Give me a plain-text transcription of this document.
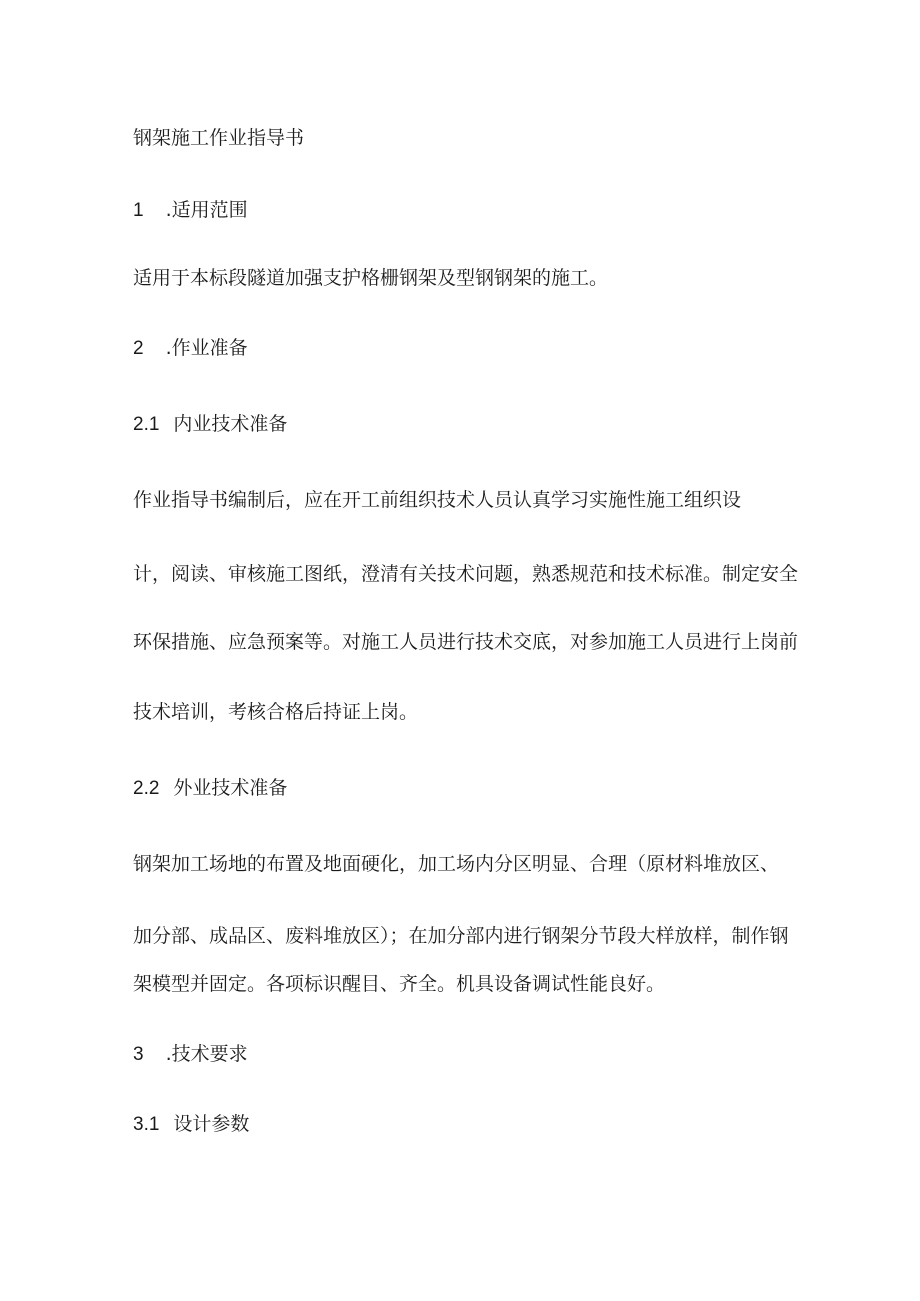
钢架施工作业指导书

1 .适用范围

适用于本标段隧道加强支护格栅钢架及型钢钢架的施工。

2 .作业准备

2.1 内业技术准备

作业指导书编制后，应在开工前组织技术人员认真学习实施性施工组织设

计，阅读、审核施工图纸，澄清有关技术问题，熟悉规范和技术标准。制定安全

环保措施、应急预案等。对施工人员进行技术交底，对参加施工人员进行上岗前

技术培训，考核合格后持证上岗。

2.2 外业技术准备

钢架加工场地的布置及地面硬化，加工场内分区明显、合理（原材料堆放区、

加分部、成品区、废料堆放区）；在加分部内进行钢架分节段大样放样，制作钢

架模型并固定。各项标识醒目、齐全。机具设备调试性能良好。

3 .技术要求

3.1 设计参数
